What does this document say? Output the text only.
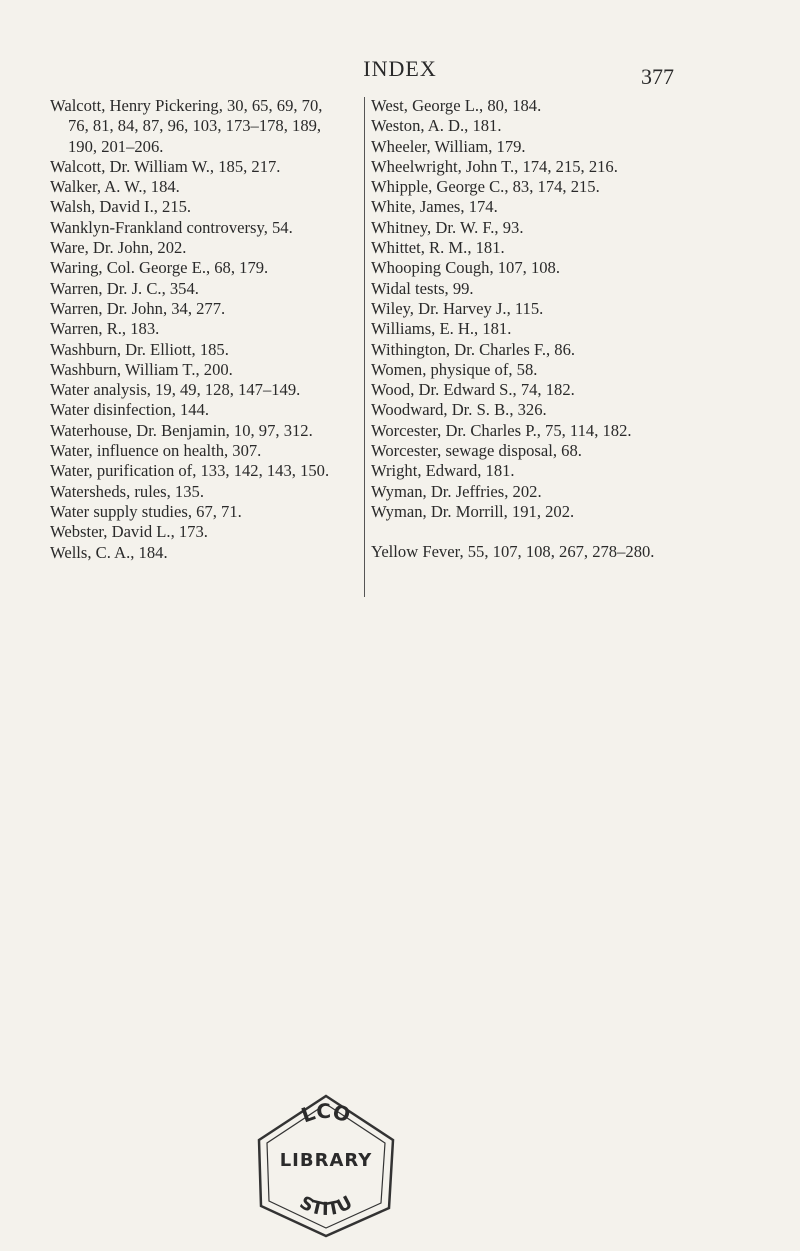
INDEX	377

Walcott, Henry Pickering, 30, 65, 69, 70,
76, 81, 84, 87, 96, 103, 173–178, 189,
190, 201–206.

Walcott, Dr. William W., 185, 217.

Walker, A. W., 184.

Walsh, David I., 215.

Wanklyn-Frankland controversy, 54.

Ware, Dr. John, 202.

Waring, Col. George E., 68, 179.

Warren, Dr. J. C., 354.

Warren, Dr. John, 34, 277.

Warren, R., 183.

Washburn, Dr. Elliott, 185.

Washburn, William T., 200.

Water analysis, 19, 49, 128, 147–149.

Water disinfection, 144.

Waterhouse, Dr. Benjamin, 10, 97, 312.

Water, influence on health, 307.

Water, purification of, 133, 142, 143, 150.

Watersheds, rules, 135.

Water supply studies, 67, 71.

Webster, David L., 173.

Wells, C. A., 184.

West, George L., 80, 184.

Weston, A. D., 181.

Wheeler, William, 179.

Wheelwright, John T., 174, 215, 216.

Whipple, George C., 83, 174, 215.

White, James, 174.

Whitney, Dr. W. F., 93.

Whittet, R. M., 181.

Whooping Cough, 107, 108.

Widal tests, 99.

Wiley, Dr. Harvey J., 115.

Williams, E. H., 181.

Withington, Dr. Charles F., 86.

Women, physique of, 58.

Wood, Dr. Edward S., 74, 182.

Woodward, Dr. S. B., 326.

Worcester, Dr. Charles P., 75, 114, 182.

Worcester, sewage disposal, 68.

Wright, Edward, 181.

Wyman, Dr. Jeffries, 202.

Wyman, Dr. Morrill, 191, 202.

Yellow Fever, 55, 107, 108, 267, 278–280.

LCO
STITU
LIBRARY
